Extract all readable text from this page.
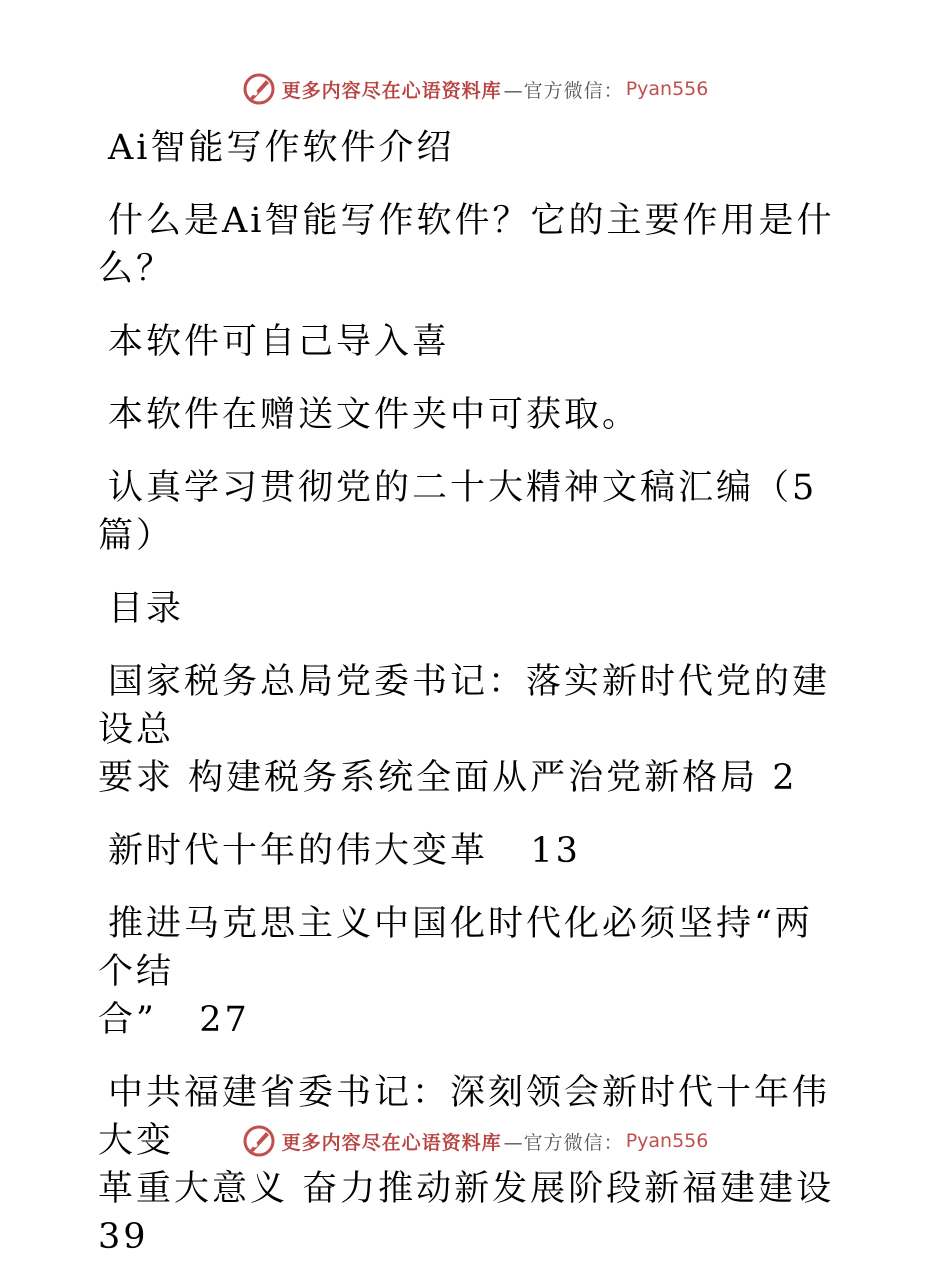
更多内容尽在心语资料库 —官方微信： Pyan556

Ai智能写作软件介绍

什么是Ai智能写作软件？它的主要作用是什么？

本软件可自己导入喜

本软件在赠送文件夹中可获取。

认真学习贯彻党的二十大精神文稿汇编（5篇）

目录

国家税务总局党委书记：落实新时代党的建设总

要求 构建税务系统全面从严治党新格局 2

新时代十年的伟大变革   13

推进马克思主义中国化时代化必须坚持“两个结

合”   27

中共福建省委书记：深刻领会新时代十年伟大变

革重大意义 奋力推动新发展阶段新福建建设39

更多内容尽在心语资料库 —官方微信： Pyan556
